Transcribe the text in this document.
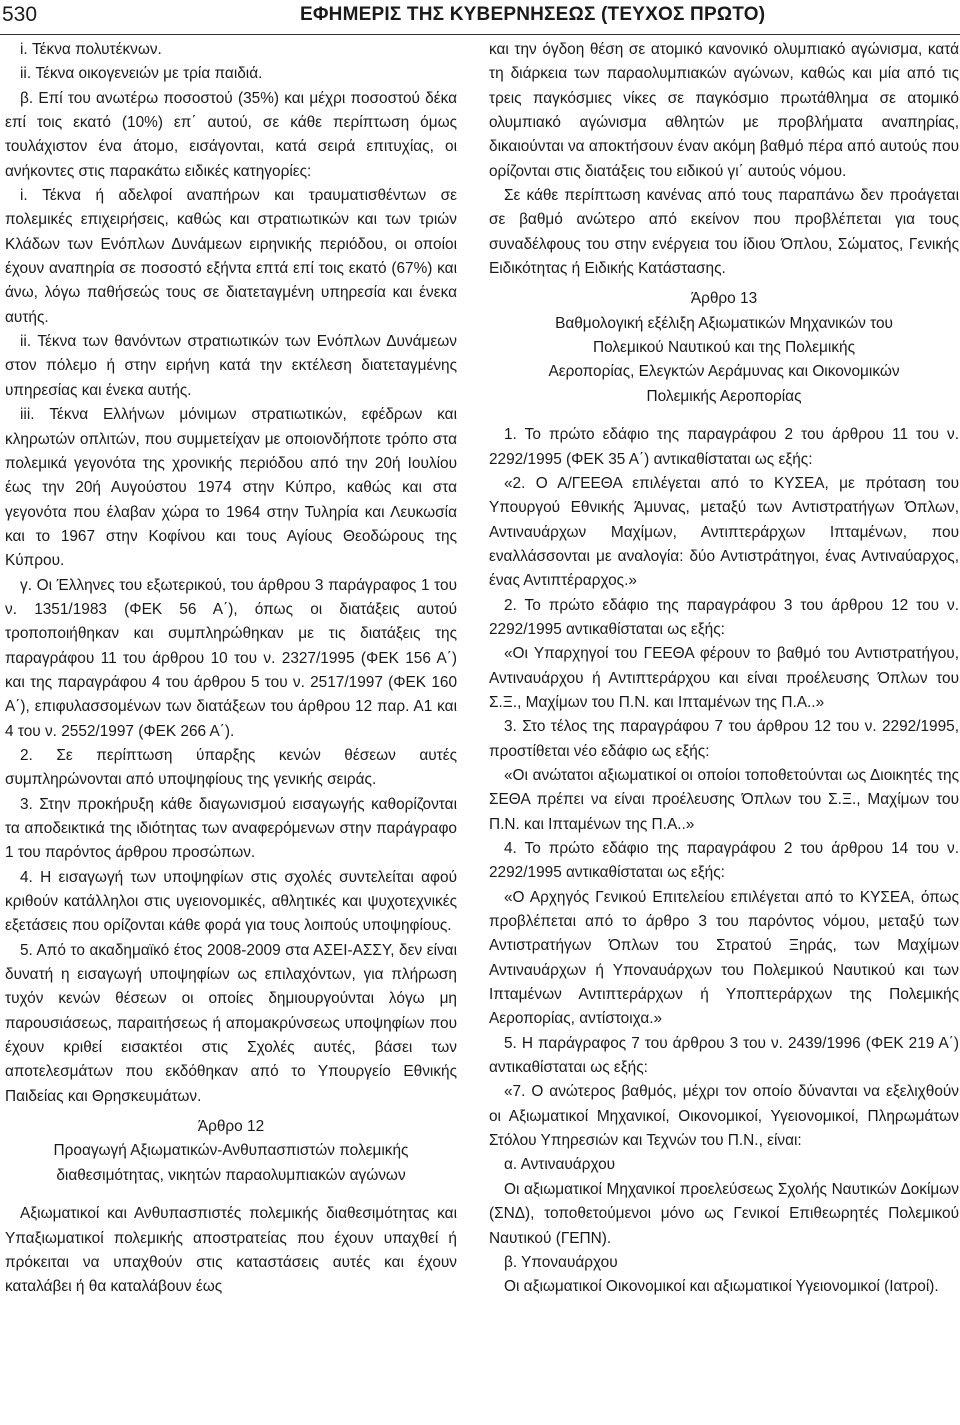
530	ΕΦΗΜΕΡΙΣ ΤΗΣ ΚΥΒΕΡΝΗΣΕΩΣ (ΤΕΥΧΟΣ ΠΡΩΤΟ)

i. Τέκνα πολυτέκνων.

ii. Τέκνα οικογενειών με τρία παιδιά.

β. Επί του ανωτέρω ποσοστού (35%) και μέχρι ποσοστού δέκα επί τοις εκατό (10%) επ΄ αυτού, σε κάθε περίπτωση όμως τουλάχιστον ένα άτομο, εισάγονται, κατά σειρά επιτυχίας, οι ανήκοντες στις παρακάτω ειδικές κατηγορίες:

i. Τέκνα ή αδελφοί αναπήρων και τραυματισθέντων σε πολεμικές επιχειρήσεις, καθώς και στρατιωτικών και των τριών Κλάδων των Ενόπλων Δυνάμεων ειρηνικής περιόδου, οι οποίοι έχουν αναπηρία σε ποσοστό εξήντα επτά επί τοις εκατό (67%) και άνω, λόγω παθήσεώς τους σε διατεταγμένη υπηρεσία και ένεκα αυτής.

ii. Τέκνα των θανόντων στρατιωτικών των Ενόπλων Δυνάμεων στον πόλεμο ή στην ειρήνη κατά την εκτέλεση διατεταγμένης υπηρεσίας και ένεκα αυτής.

iii. Τέκνα Ελλήνων μόνιμων στρατιωτικών, εφέδρων και κληρωτών οπλιτών, που συμμετείχαν με οποιονδήποτε τρόπο στα πολεμικά γεγονότα της χρονικής περιόδου από την 20ή Ιουλίου έως την 20ή Αυγούστου 1974 στην Κύπρο, καθώς και στα γεγονότα που έλαβαν χώρα το 1964 στην Τυληρία και Λευκωσία και το 1967 στην Κοφίνου και τους Αγίους Θεοδώρους της Κύπρου.

γ. Οι Έλληνες του εξωτερικού, του άρθρου 3 παράγραφος 1 του ν. 1351/1983 (ΦΕΚ 56 Α΄), όπως οι διατάξεις αυτού τροποποιήθηκαν και συμπληρώθηκαν με τις διατάξεις της παραγράφου 11 του άρθρου 10 του ν. 2327/1995 (ΦΕΚ 156 Α΄) και της παραγράφου 4 του άρθρου 5 του ν. 2517/1997 (ΦΕΚ 160 Α΄), επιφυλασσομένων των διατάξεων του άρθρου 12 παρ. Α1 και 4 του ν. 2552/1997 (ΦΕΚ 266 Α΄).

2. Σε περίπτωση ύπαρξης κενών θέσεων αυτές συμπληρώνονται από υποψηφίους της γενικής σειράς.

3. Στην προκήρυξη κάθε διαγωνισμού εισαγωγής καθορίζονται τα αποδεικτικά της ιδιότητας των αναφερόμενων στην παράγραφο 1 του παρόντος άρθρου προσώπων.

4. Η εισαγωγή των υποψηφίων στις σχολές συντελείται αφού κριθούν κατάλληλοι στις υγειονομικές, αθλητικές και ψυχοτεχνικές εξετάσεις που ορίζονται κάθε φορά για τους λοιπούς υποψηφίους.

5. Από το ακαδημαϊκό έτος 2008-2009 στα ΑΣΕΙ-ΑΣΣΥ, δεν είναι δυνατή η εισαγωγή υποψηφίων ως επιλαχόντων, για πλήρωση τυχόν κενών θέσεων οι οποίες δημιουργούνται λόγω μη παρουσιάσεως, παραιτήσεως ή απομακρύνσεως υποψηφίων που έχουν κριθεί εισακτέοι στις Σχολές αυτές, βάσει των αποτελεσμάτων που εκδόθηκαν από το Υπουργείο Εθνικής Παιδείας και Θρησκευμάτων.

Άρθρο 12

Προαγωγή Αξιωματικών-Ανθυπασπιστών πολεμικής

διαθεσιμότητας, νικητών παραολυμπιακών αγώνων

Αξιωματικοί και Ανθυπασπιστές πολεμικής διαθεσιμότητας και Υπαξιωματικοί πολεμικής αποστρατείας που έχουν υπαχθεί ή πρόκειται να υπαχθούν στις καταστάσεις αυτές και έχουν καταλάβει ή θα καταλάβουν έως

και την όγδοη θέση σε ατομικό κανονικό ολυμπιακό αγώνισμα, κατά τη διάρκεια των παραολυμπιακών αγώνων, καθώς και μία από τις τρεις παγκόσμιες νίκες σε παγκόσμιο πρωτάθλημα σε ατομικό ολυμπιακό αγώνισμα αθλητών με προβλήματα αναπηρίας, δικαιούνται να αποκτήσουν έναν ακόμη βαθμό πέρα από αυτούς που ορίζονται στις διατάξεις του ειδικού γι΄ αυτούς νόμου.

Σε κάθε περίπτωση κανένας από τους παραπάνω δεν προάγεται σε βαθμό ανώτερο από εκείνον που προβλέπεται για τους συναδέλφους του στην ενέργεια του ίδιου Όπλου, Σώματος, Γενικής Ειδικότητας ή Ειδικής Κατάστασης.

Άρθρο 13

Βαθμολογική εξέλιξη Αξιωματικών Μηχανικών του

Πολεμικού Ναυτικού και της Πολεμικής

Αεροπορίας, Ελεγκτών Αεράμυνας και Οικονομικών

Πολεμικής Αεροπορίας

1. Το πρώτο εδάφιο της παραγράφου 2 του άρθρου 11 του ν. 2292/1995 (ΦΕΚ 35 Α΄) αντικαθίσταται ως εξής:

«2. Ο Α/ΓΕΕΘΑ επιλέγεται από το ΚΥΣΕΑ, με πρόταση του Υπουργού Εθνικής Άμυνας, μεταξύ των Αντιστρατήγων Όπλων, Αντιναυάρχων Μαχίμων, Αντιπτεράρχων Ιπταμένων, που εναλλάσσονται με αναλογία: δύο Αντιστράτηγοι, ένας Αντιναύαρχος, ένας Αντιπτέραρχος.»

2. Το πρώτο εδάφιο της παραγράφου 3 του άρθρου 12 του ν. 2292/1995 αντικαθίσταται ως εξής:

«Οι Υπαρχηγοί του ΓΕΕΘΑ φέρουν το βαθμό του Αντιστρατήγου, Αντιναυάρχου ή Αντιπτεράρχου και είναι προέλευσης Όπλων του Σ.Ξ., Μαχίμων του Π.Ν. και Ιπταμένων της Π.Α..»

3. Στο τέλος της παραγράφου 7 του άρθρου 12 του ν. 2292/1995, προστίθεται νέο εδάφιο ως εξής:

«Οι ανώτατοι αξιωματικοί οι οποίοι τοποθετούνται ως Διοικητές της ΣΕΘΑ πρέπει να είναι προέλευσης Όπλων του Σ.Ξ., Μαχίμων του Π.Ν. και Ιπταμένων της Π.Α..»

4. Το πρώτο εδάφιο της παραγράφου 2 του άρθρου 14 του ν. 2292/1995 αντικαθίσταται ως εξής:

«Ο Αρχηγός Γενικού Επιτελείου επιλέγεται από το ΚΥΣΕΑ, όπως προβλέπεται από το άρθρο 3 του παρόντος νόμου, μεταξύ των Αντιστρατήγων Όπλων του Στρατού Ξηράς, των Μαχίμων Αντιναυάρχων ή Υποναυάρχων του Πολεμικού Ναυτικού και των Ιπταμένων Αντιπτεράρχων ή Υποπτεράρχων της Πολεμικής Αεροπορίας, αντίστοιχα.»

5. Η παράγραφος 7 του άρθρου 3 του ν. 2439/1996 (ΦΕΚ 219 Α΄) αντικαθίσταται ως εξής:

«7. Ο ανώτερος βαθμός, μέχρι τον οποίο δύνανται να εξελιχθούν οι Αξιωματικοί Μηχανικοί, Οικονομικοί, Υγειονομικοί, Πληρωμάτων Στόλου Υπηρεσιών και Τεχνών του Π.Ν., είναι:

α. Αντιναυάρχου

Οι αξιωματικοί Μηχανικοί προελεύσεως Σχολής Ναυτικών Δοκίμων (ΣΝΔ), τοποθετούμενοι μόνο ως Γενικοί Επιθεωρητές Πολεμικού Ναυτικού (ΓΕΠΝ).

β. Υποναυάρχου

Οι αξιωματικοί Οικονομικοί και αξιωματικοί Υγειονομικοί (Ιατροί).
